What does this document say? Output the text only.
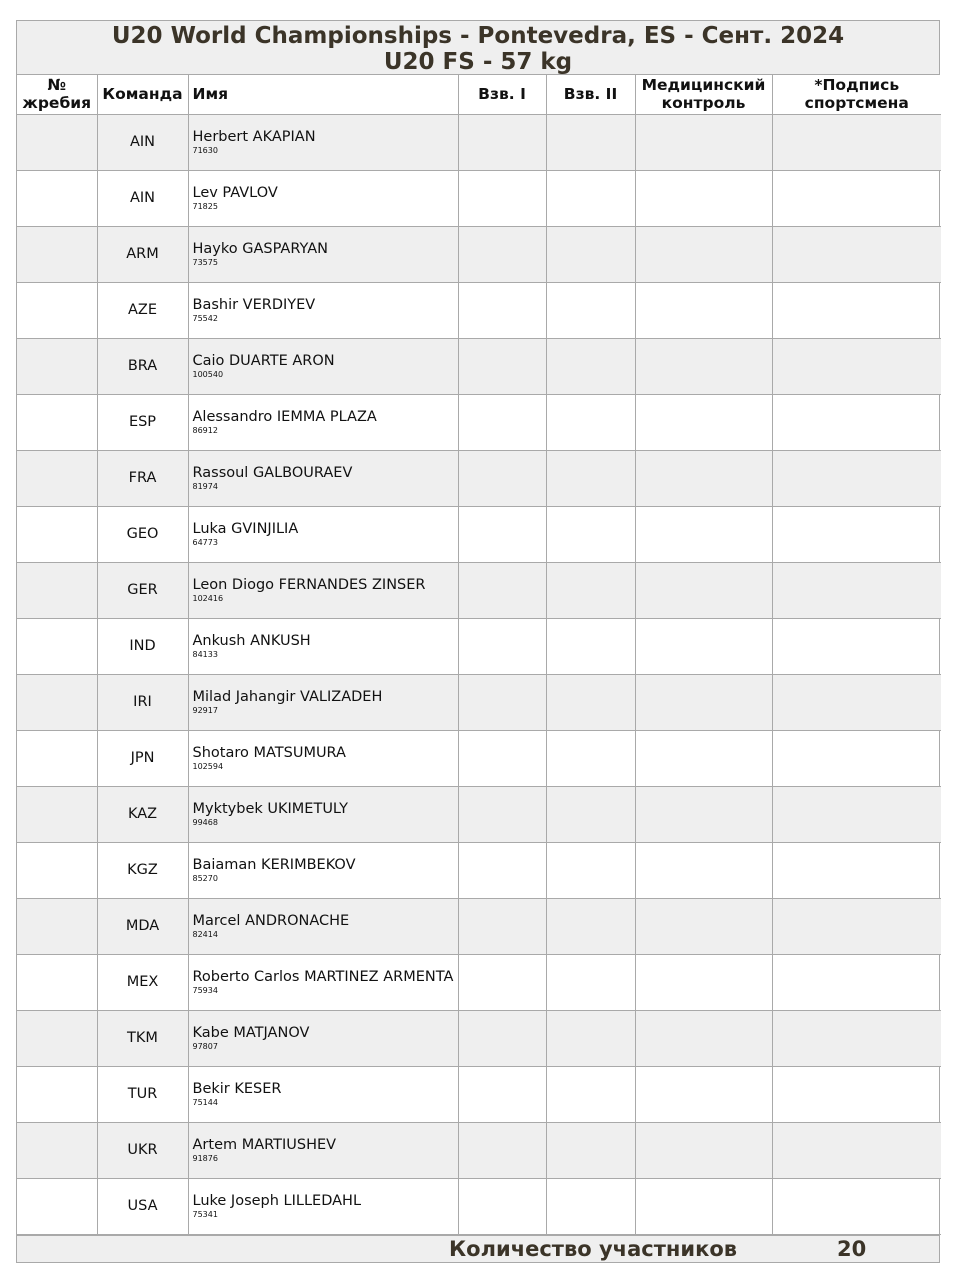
U20 World Championships - Pontevedra, ES - Сент. 2024
U20 FS - 57 kg
№ жребия	Команда	Имя	Взв. I	Взв. II	Медицинский контроль	*Подпись спортсмена
	AIN	Herbert AKAPIAN
71630				

	AIN	Lev PAVLOV
71825				

	ARM	Hayko GASPARYAN
73575				

	AZE	Bashir VERDIYEV
75542				

	BRA	Caio DUARTE ARON
100540				

	ESP	Alessandro IEMMA PLAZA
86912				

	FRA	Rassoul GALBOURAEV
81974				

	GEO	Luka GVINJILIA
64773				

	GER	Leon Diogo FERNANDES ZINSER
102416				

	IND	Ankush ANKUSH
84133				

	IRI	Milad Jahangir VALIZADEH
92917				

	JPN	Shotaro MATSUMURA
102594				

	KAZ	Myktybek UKIMETULY
99468				

	KGZ	Baiaman KERIMBEKOV
85270				

	MDA	Marcel ANDRONACHE
82414				

	MEX	Roberto Carlos MARTINEZ ARMENTA
75934				

	TKM	Kabe MATJANOV
97807				

	TUR	Bekir KESER
75144				

	UKR	Artem MARTIUSHEV
91876				

	USA	Luke Joseph LILLEDAHL
75341				

Количество участников	20
